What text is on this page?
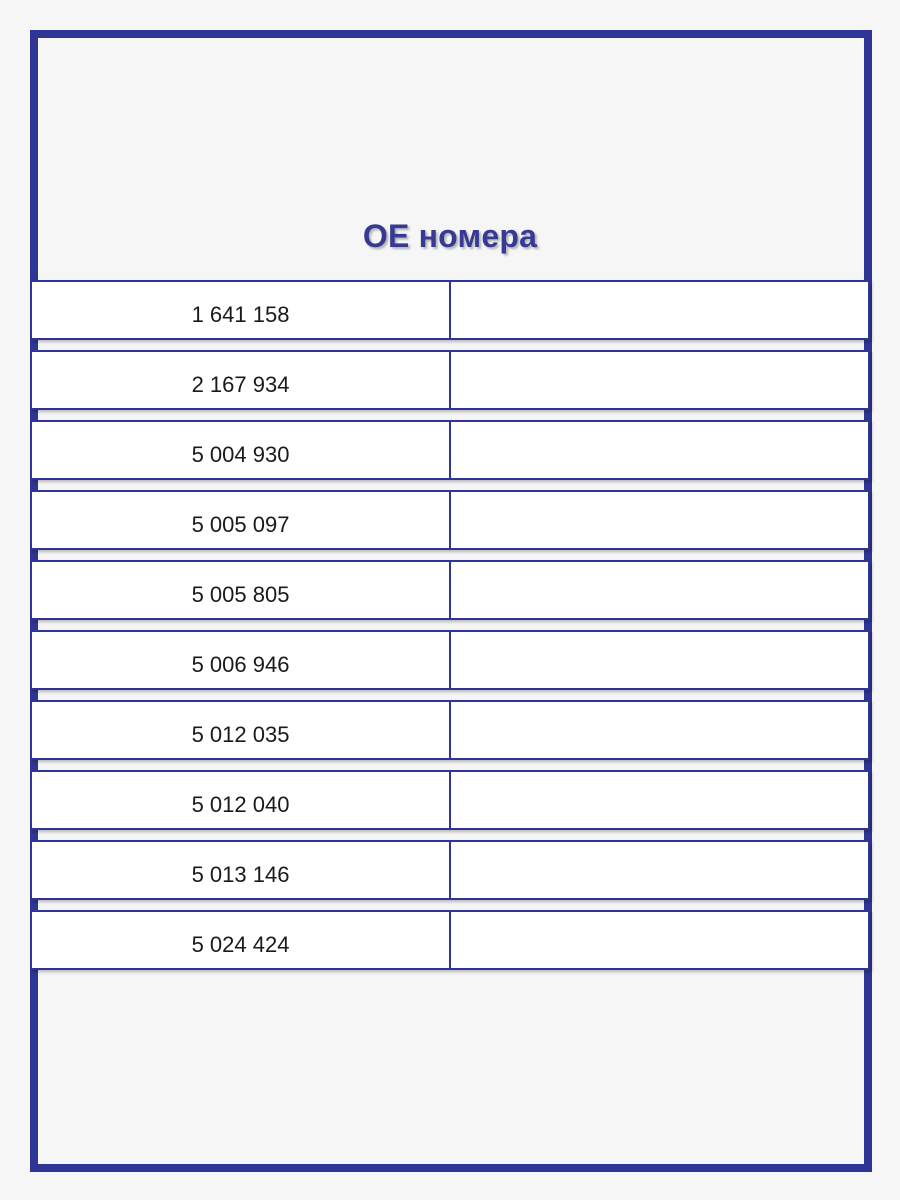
ОЕ номера
1 641 158
2 167 934
5 004 930
5 005 097
5 005 805
5 006 946
5 012 035
5 012 040
5 013 146
5 024 424
